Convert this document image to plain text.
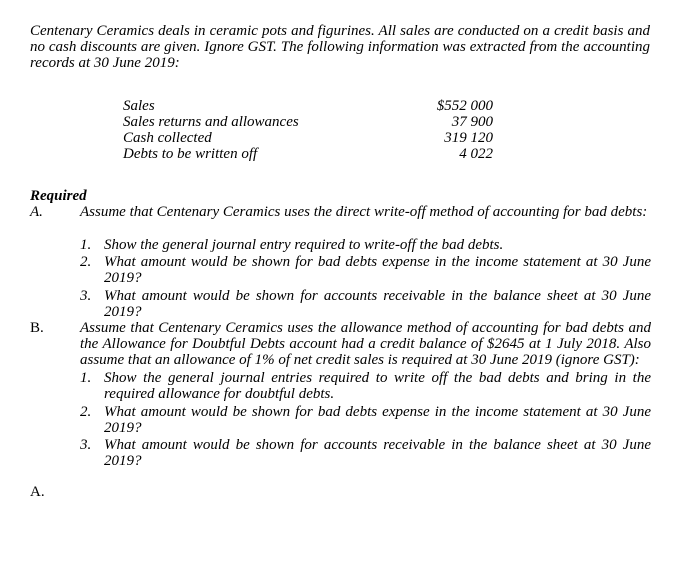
Centenary Ceramics deals in ceramic pots and figurines. All sales are conducted on a credit basis and no cash discounts are given. Ignore GST. The following information was extracted from the accounting records at 30 June 2019:

Sales	$552 000
Sales returns and allowances	37 900
Cash collected	319 120
Debts to be written off	4 022
Required
A. Assume that Centenary Ceramics uses the direct write-off method of accounting for bad debts:
1. Show the general journal entry required to write-off the bad debts.
2. What amount would be shown for bad debts expense in the income statement at 30 June 2019?
3. What amount would be shown for accounts receivable in the balance sheet at 30 June 2019?
B. Assume that Centenary Ceramics uses the allowance method of accounting for bad debts and the Allowance for Doubtful Debts account had a credit balance of $2645 at 1 July 2018. Also assume that an allowance of 1% of net credit sales is required at 30 June 2019 (ignore GST):
1. Show the general journal entries required to write off the bad debts and bring in the required allowance for doubtful debts.
2. What amount would be shown for bad debts expense in the income statement at 30 June 2019?
3. What amount would be shown for accounts receivable in the balance sheet at 30 June 2019?
A.
